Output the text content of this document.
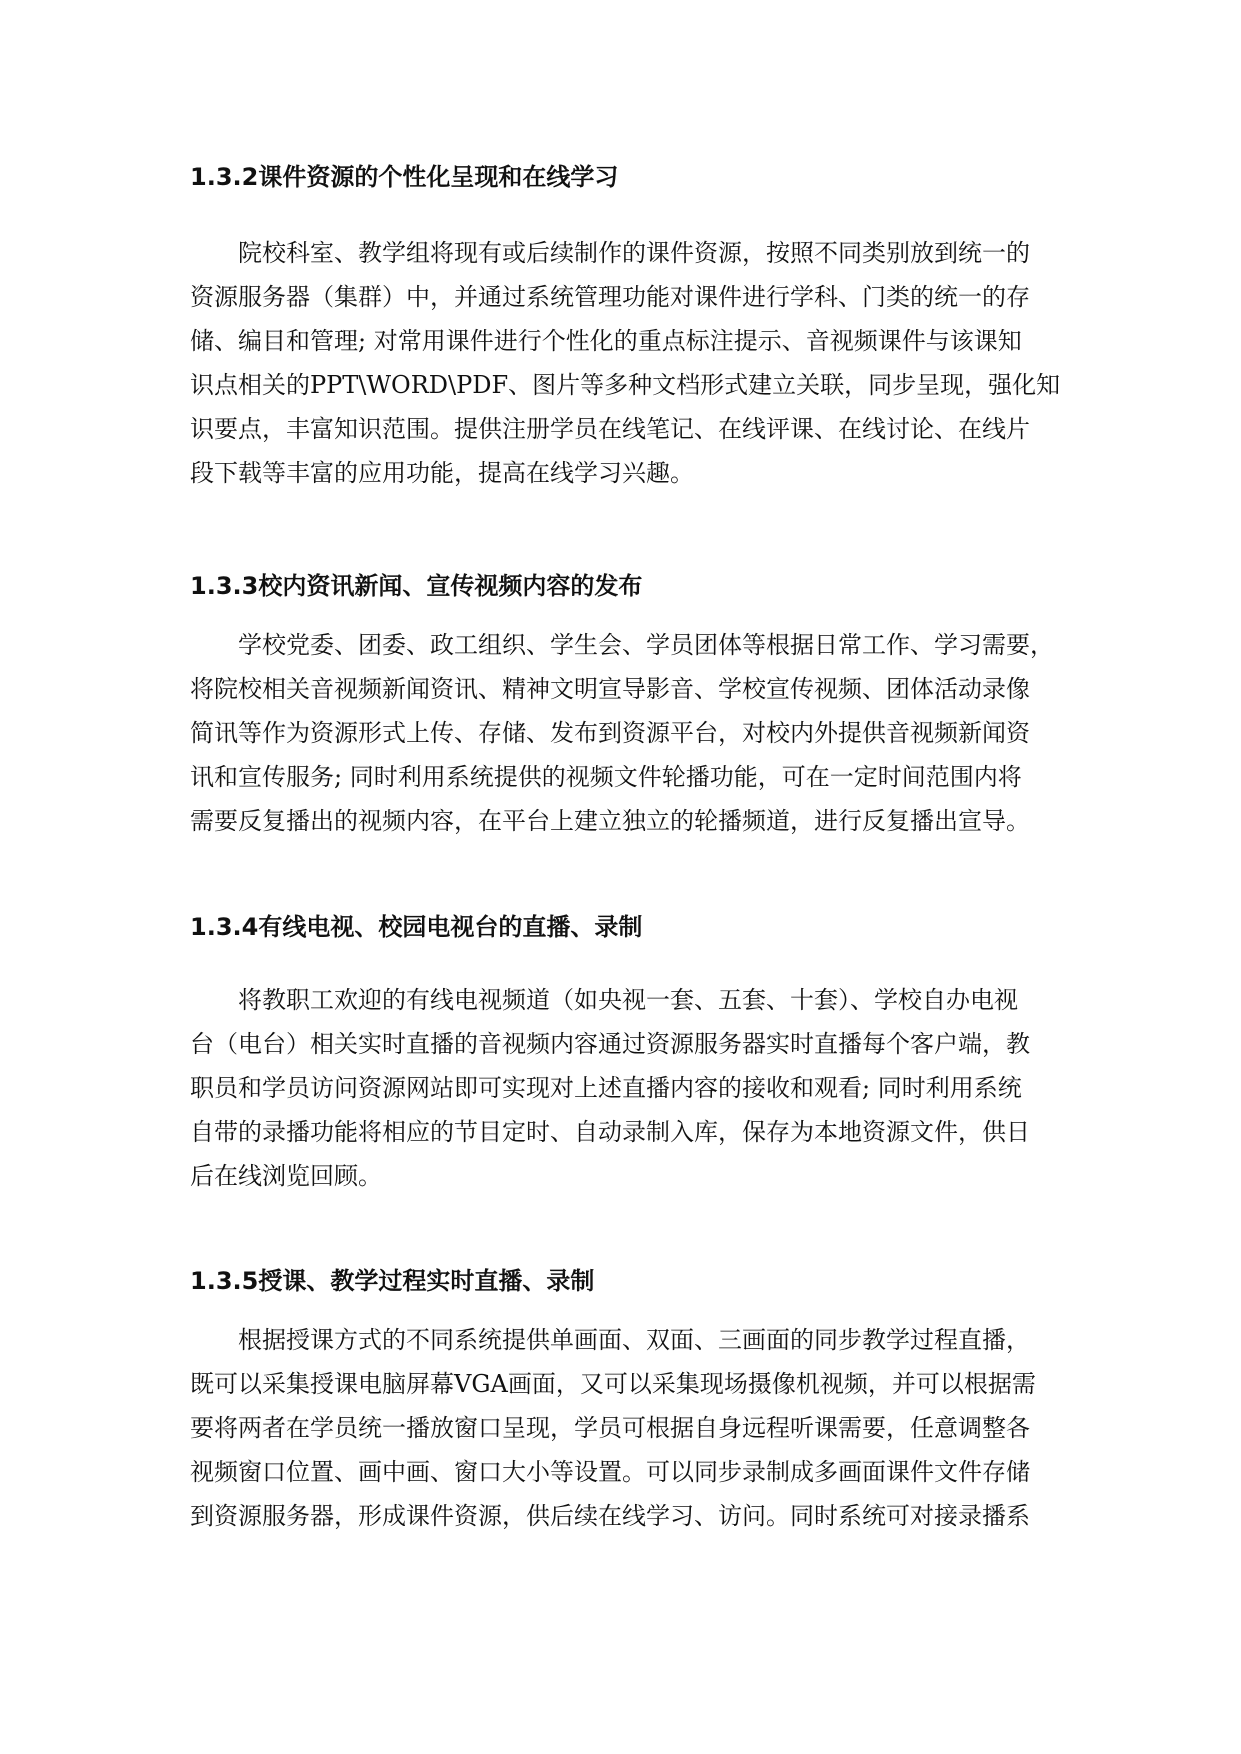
1.3.2课件资源的个性化呈现和在线学习
院校科室、教学组将现有或后续制作的课件资源，按照不同类别放到统一的
资源服务器（集群）中，并通过系统管理功能对课件进行学科、门类的统一的存
储、编目和管理; 对常用课件进行个性化的重点标注提示、音视频课件与该课知
识点相关的PPT\WORD\PDF、图片等多种文档形式建立关联，同步呈现，强化知
识要点，丰富知识范围。提供注册学员在线笔记、在线评课、在线讨论、在线片
段下载等丰富的应用功能，提高在线学习兴趣。
1.3.3校内资讯新闻、宣传视频内容的发布
学校党委、团委、政工组织、学生会、学员团体等根据日常工作、学习需要，
将院校相关音视频新闻资讯、精神文明宣导影音、学校宣传视频、团体活动录像
简讯等作为资源形式上传、存储、发布到资源平台，对校内外提供音视频新闻资
讯和宣传服务; 同时利用系统提供的视频文件轮播功能，可在一定时间范围内将
需要反复播出的视频内容，在平台上建立独立的轮播频道，进行反复播出宣导。
1.3.4有线电视、校园电视台的直播、录制
将教职工欢迎的有线电视频道（如央视一套、五套、十套）、学校自办电视
台（电台）相关实时直播的音视频内容通过资源服务器实时直播每个客户端，教
职员和学员访问资源网站即可实现对上述直播内容的接收和观看; 同时利用系统
自带的录播功能将相应的节目定时、自动录制入库，保存为本地资源文件，供日
后在线浏览回顾。
1.3.5授课、教学过程实时直播、录制
根据授课方式的不同系统提供单画面、双面、三画面的同步教学过程直播，
既可以采集授课电脑屏幕VGA画面，又可以采集现场摄像机视频，并可以根据需
要将两者在学员统一播放窗口呈现，学员可根据自身远程听课需要，任意调整各
视频窗口位置、画中画、窗口大小等设置。可以同步录制成多画面课件文件存储
到资源服务器，形成课件资源，供后续在线学习、访问。同时系统可对接录播系
